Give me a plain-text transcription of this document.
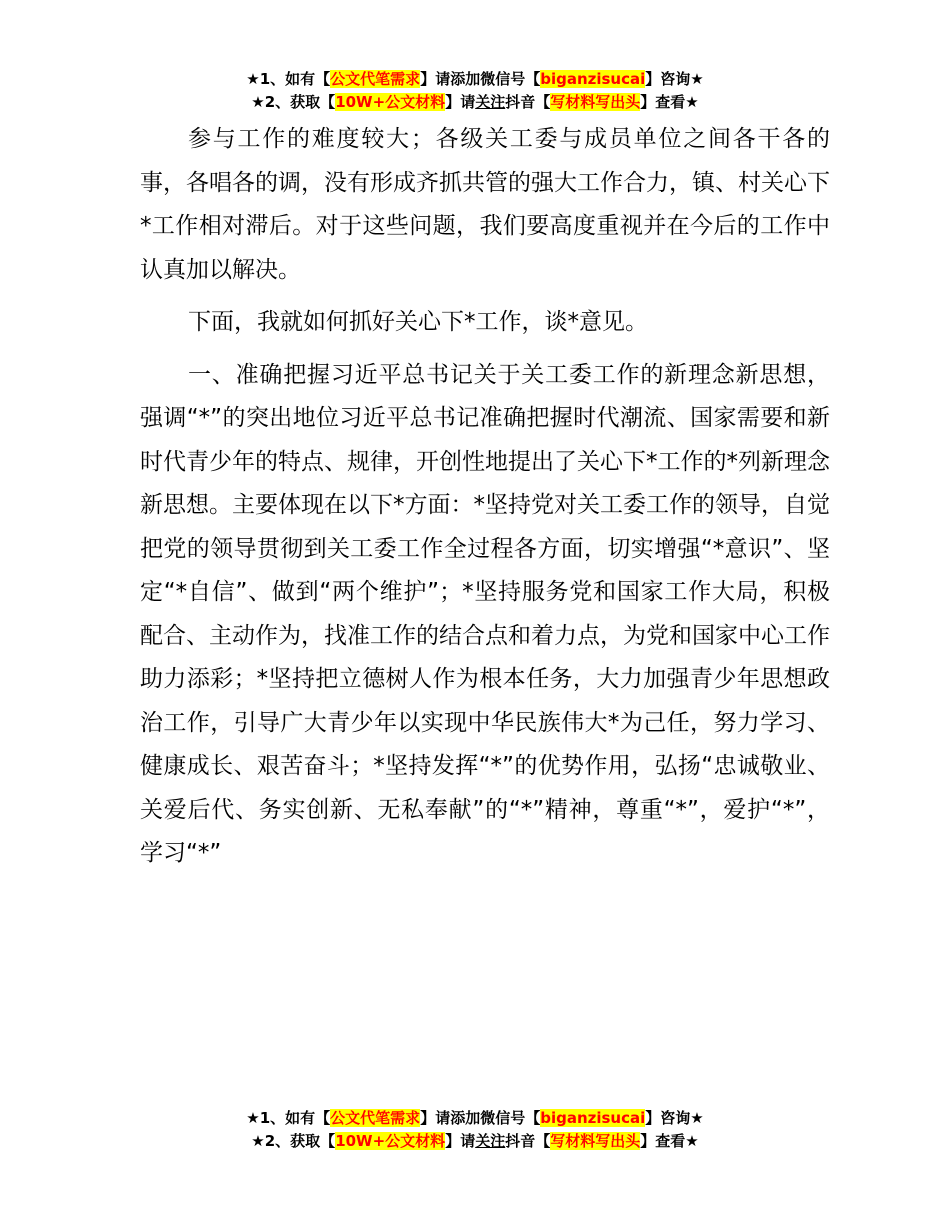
★1、如有【公文代笔需求】请添加微信号【biganzisucai】咨询★
★2、获取【10W+公文材料】请关注抖音【写材料写出头】查看★

参与工作的难度较大；各级关工委与成员单位之间各干各的事，各唱各的调，没有形成齐抓共管的强大工作合力，镇、村关心下*工作相对滞后。对于这些问题，我们要高度重视并在今后的工作中认真加以解决。

下面，我就如何抓好关心下*工作，谈*意见。

一、准确把握习近平总书记关于关工委工作的新理念新思想，强调“*”的突出地位习近平总书记准确把握时代潮流、国家需要和新时代青少年的特点、规律，开创性地提出了关心下*工作的*列新理念新思想。主要体现在以下*方面：*坚持党对关工委工作的领导，自觉把党的领导贯彻到关工委工作全过程各方面，切实增强“*意识”、坚定“*自信”、做到“两个维护”；*坚持服务党和国家工作大局，积极配合、主动作为，找准工作的结合点和着力点，为党和国家中心工作助力添彩；*坚持把立德树人作为根本任务，大力加强青少年思想政治工作，引导广大青少年以实现中华民族伟大*为己任，努力学习、健康成长、艰苦奋斗；*坚持发挥“*”的优势作用，弘扬“忠诚敬业、关爱后代、务实创新、无私奉献”的“*”精神，尊重“*”，爱护“*”，学习“*”

★1、如有【公文代笔需求】请添加微信号【biganzisucai】咨询★
★2、获取【10W+公文材料】请关注抖音【写材料写出头】查看★
